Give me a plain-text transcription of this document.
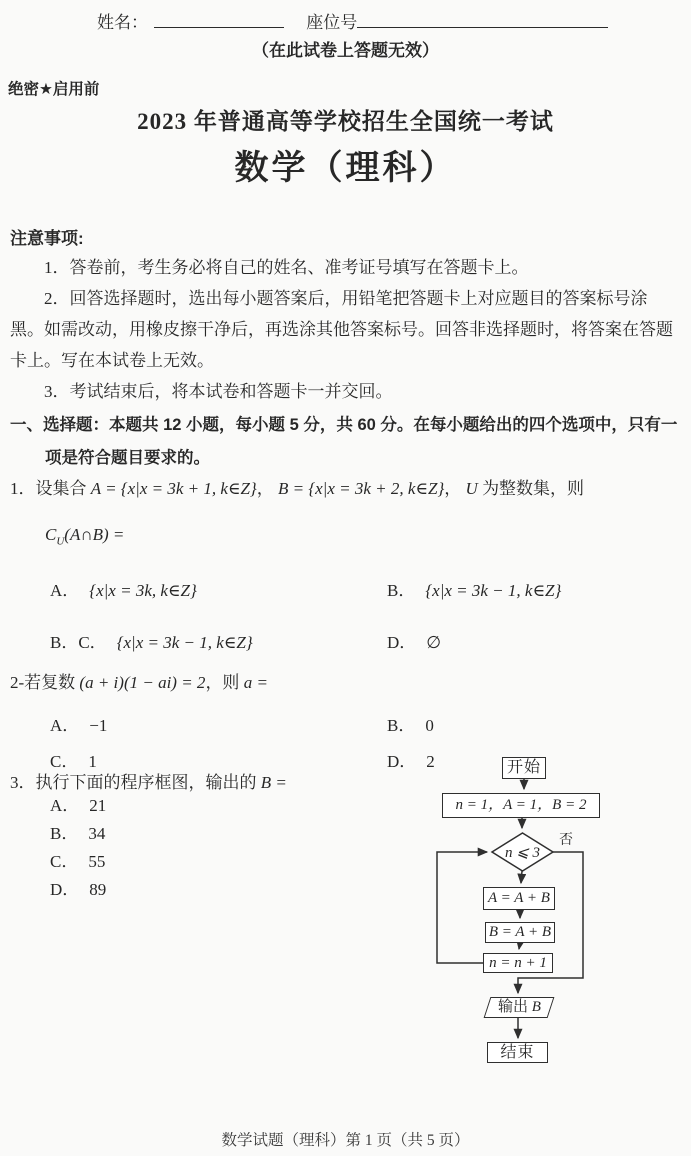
姓名：	座位号
（在此试卷上答题无效）
绝密★启用前
2023 年普通高等学校招生全国统一考试
数学（理科）

注意事项:

1．答卷前，考生务必将自己的姓名、准考证号填写在答题卡上。

2．回答选择题时，选出每小题答案后，用铅笔把答题卡上对应题目的答案标号涂黑。如需改动，用橡皮擦干净后，再选涂其他答案标号。回答非选择题时，将答案在答题卡上。写在本试卷上无效。

3．考试结束后，将本试卷和答题卡一并交回。

一、选择题：本题共 12 小题，每小题 5 分，共 60 分。在每小题给出的四个选项中，只有一项是符合题目要求的。

1．设集合 A = {x|x = 3k + 1, k∈Z}， B = {x|x = 3k + 2, k∈Z}， U 为整数集，则

$C_U(A\cap B)$ =

A． {x|x = 3k, k∈Z}	B． {x|x = 3k − 1, k∈Z}
B．C． {x|x = 3k − 1, k∈Z}	D． ∅

2-若复数 (a + i)(1 − ai) = 2，则 a =

A． −1	B． 0
C． 1	D． 2

3．执行下面的程序框图，输出的 B =

A． 21
B． 34
C． 55
D． 89
开始
n = 1，A = 1，B = 2
n ⩽ 3
否
A = A + B
B = A + B
n = n + 1
输出 B
结束
数学试题（理科）第 1 页（共 5 页）
